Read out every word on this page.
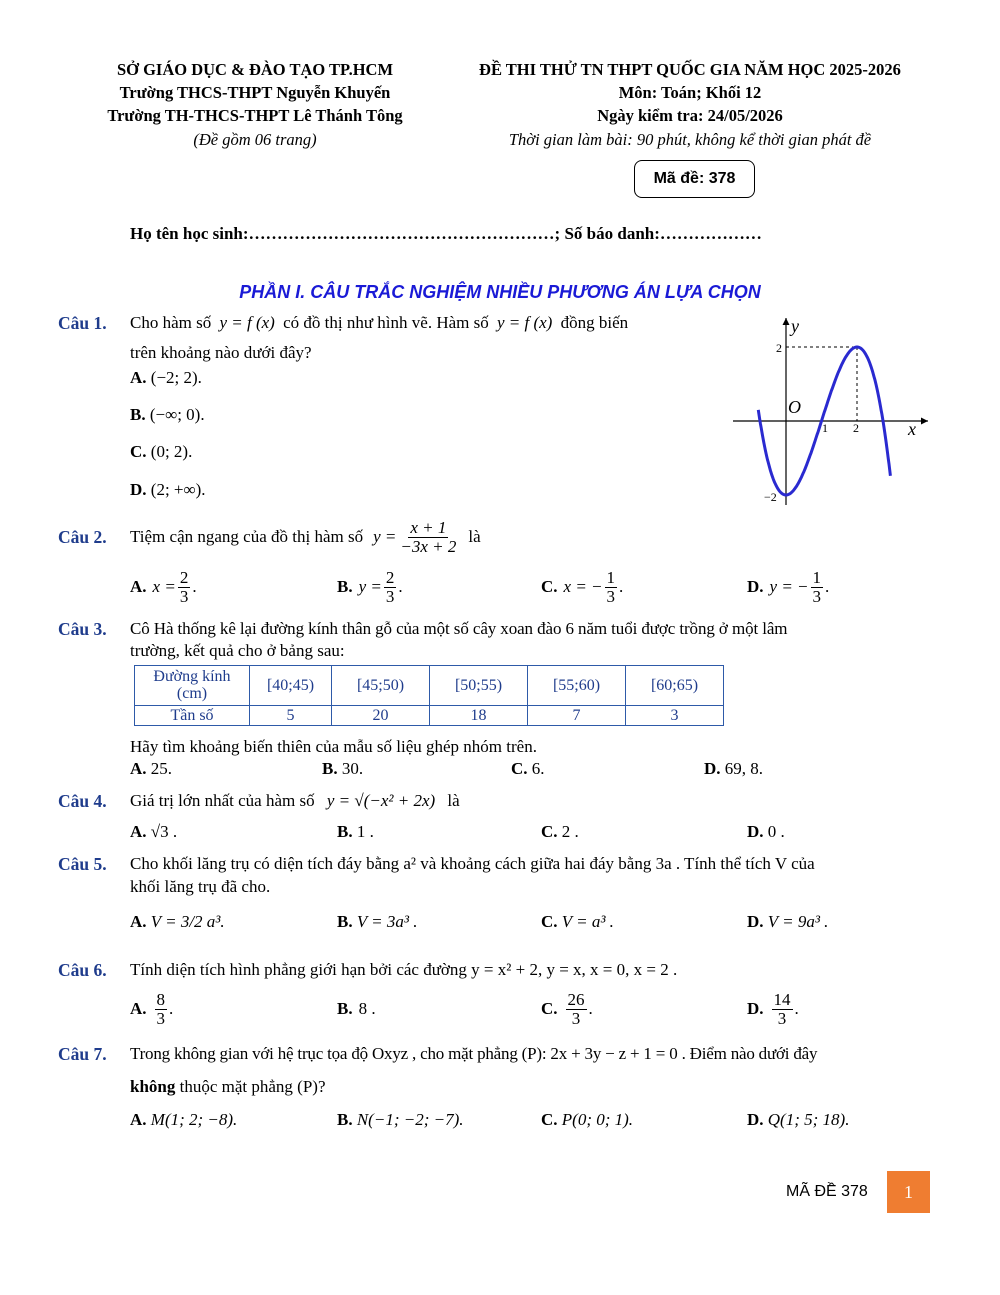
SỞ GIÁO DỤC & ĐÀO TẠO TP.HCM
Trường THCS-THPT Nguyễn Khuyến
Trường TH-THCS-THPT Lê Thánh Tông
(Đề gồm 06 trang)
ĐỀ THI THỬ TN THPT QUỐC GIA NĂM HỌC 2025-2026
Môn: Toán; Khối 12
Ngày kiểm tra: 24/05/2026
Thời gian làm bài: 90 phút, không kể thời gian phát đề
Mã đề: 378
Họ tên học sinh:………………………………………………; Số báo danh:………………
PHẦN I. CÂU TRẮC NGHIỆM NHIỀU PHƯƠNG ÁN LỰA CHỌN
Câu 1. Cho hàm số y = f (x) có đồ thị như hình vẽ. Hàm số y = f (x) đồng biến
trên khoảng nào dưới đây?
A. (−2; 2).
B. (−∞; 0).
C. (0; 2).
D. (2; +∞).
y
x
O
2
−2
1 2
Câu 2. Tiệm cận ngang của đồ thị hàm số $y = \frac{x + 1}{-3x + 2}$ là
A. $x = \frac{2}{3}$ .	B. $y = \frac{2}{3}$ .	C. x = − $\frac{1}{3}$ .	D. y = − $\frac{1}{3}$ .
Câu 3. Cô Hà thống kê lại đường kính thân gỗ của một số cây xoan đào 6 năm tuổi được trồng ở một lâm
trường, kết quả cho ở bảng sau:
Đường kính (cm)	[40;45)	[45;50)	[50;55)	[55;60)	[60;65)
Tần số	5	20	18	7	3
Hãy tìm khoảng biến thiên của mẫu số liệu ghép nhóm trên.
A. 25.	B. 30.	C. 6.	D. 69, 8.
Câu 4. Giá trị lớn nhất của hàm số y = √(−x² + 2x) là
A. √3 .	B. 1 .	C. 2 .	D. 0 .
Câu 5. Cho khối lăng trụ có diện tích đáy bằng a² và khoảng cách giữa hai đáy bằng 3a . Tính thể tích V của
khối lăng trụ đã cho.
A. V = 3/2 a³.	B. V = 3a³ .	C. V = a³ .	D. V = 9a³ .
Câu 6. Tính diện tích hình phẳng giới hạn bởi các đường y = x² + 2, y = x, x = 0, x = 2 .
A. $\frac{8}{3}$ .	B. 8 .	C. $\frac{26}{3}$ .	D. $\frac{14}{3}$ .
Câu 7. Trong không gian với hệ trục tọa độ Oxyz , cho mặt phẳng (P): 2x + 3y − z + 1 = 0 . Điểm nào dưới đây
không thuộc mặt phẳng (P)?
A. M(1; 2; −8).	B. N(−1; −2; −7).	C. P(0; 0; 1).	D. Q(1; 5; 18).
MÃ ĐỀ 378	1
